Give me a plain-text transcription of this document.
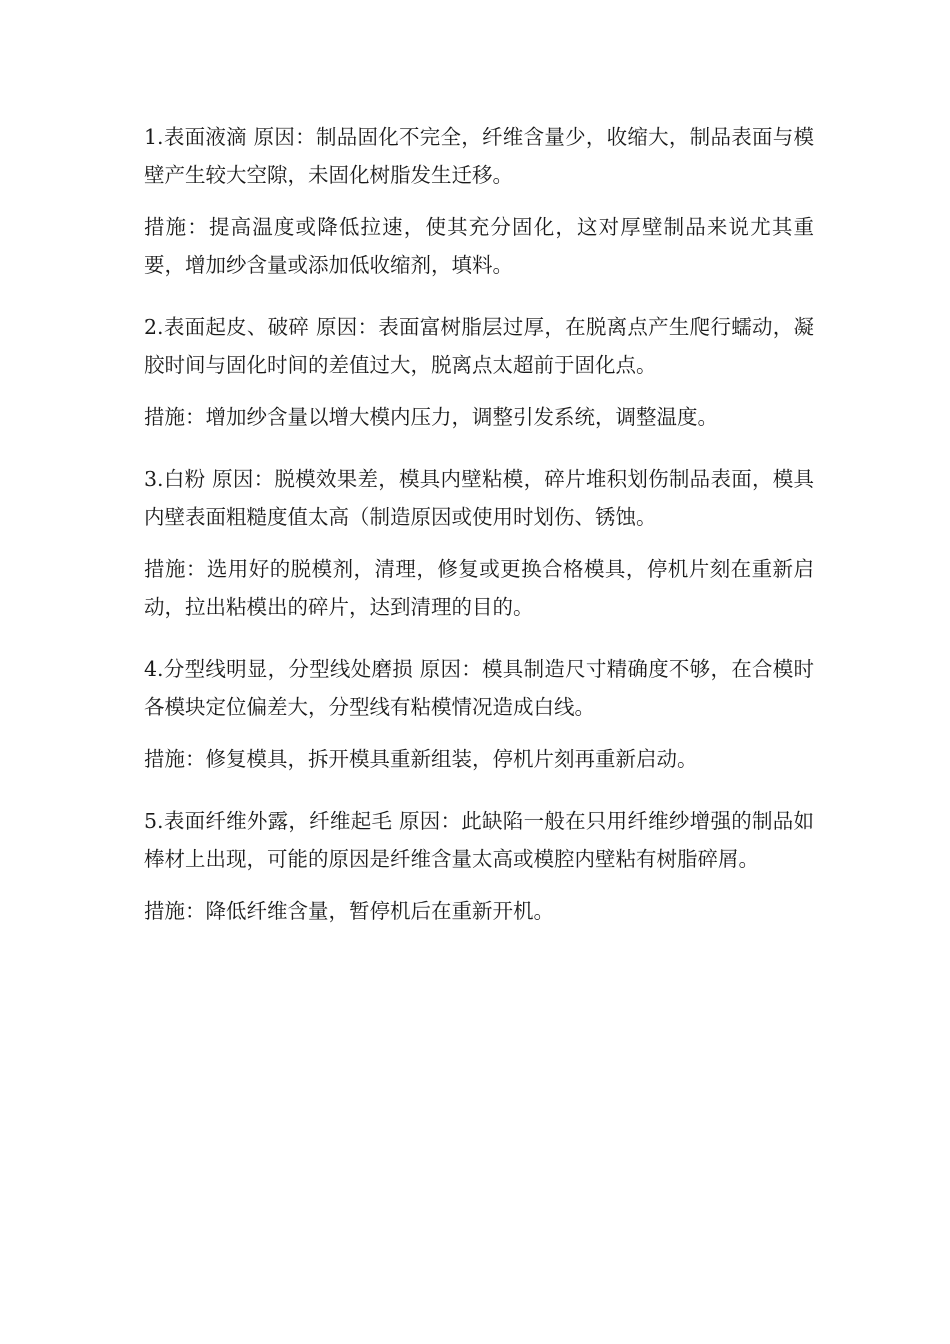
1.表面液滴 原因：制品固化不完全，纤维含量少，收缩大，制品表面与模壁产生较大空隙，未固化树脂发生迁移。

措施：提高温度或降低拉速，使其充分固化，这对厚壁制品来说尤其重要，增加纱含量或添加低收缩剂，填料。

2.表面起皮、破碎 原因：表面富树脂层过厚，在脱离点产生爬行蠕动，凝胶时间与固化时间的差值过大，脱离点太超前于固化点。

措施：增加纱含量以增大模内压力，调整引发系统，调整温度。

3.白粉 原因：脱模效果差，模具内壁粘模，碎片堆积划伤制品表面，模具内壁表面粗糙度值太高（制造原因或使用时划伤、锈蚀。

措施：选用好的脱模剂，清理，修复或更换合格模具，停机片刻在重新启动，拉出粘模出的碎片，达到清理的目的。

4.分型线明显，分型线处磨损 原因：模具制造尺寸精确度不够，在合模时各模块定位偏差大，分型线有粘模情况造成白线。

措施：修复模具，拆开模具重新组装，停机片刻再重新启动。

5.表面纤维外露，纤维起毛 原因：此缺陷一般在只用纤维纱增强的制品如棒材上出现，可能的原因是纤维含量太高或模腔内壁粘有树脂碎屑。

措施：降低纤维含量，暂停机后在重新开机。
